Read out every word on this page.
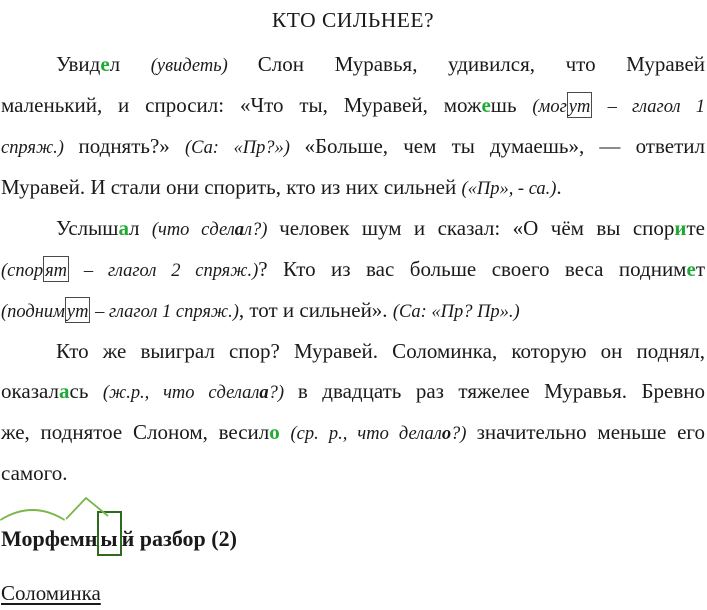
КТО СИЛЬНЕЕ?
Увидел (увидеть) Слон Муравья, удивился, что Муравей
маленький, и спросил: «Что ты, Муравей, можешь (мог ут – глагол 1
спряж.) поднять?» (Са: «Пр?») «Больше, чем ты думаешь», — ответил
Муравей. И стали они спорить, кто из них сильней («Пр», - са.).
Услышал (что сделал?) человек шум и сказал: «О чём вы спорите
(спор ят – глагол 2 спряж.)? Кто из вас больше своего веса поднимет
(подним ут – глагол 1 спряж.), тот и сильней». (Са: «Пр? Пр».)
Кто же выиграл спор? Муравей. Соломинка, которую он поднял,
оказалась (ж.р., что сделала?) в двадцать раз тяжелее Муравья. Бревно
же, поднятое Слоном, весило (ср. р., что делало?) значительно меньше его
самого.
Морфем
н ы й разбор (2)
Соломинка
